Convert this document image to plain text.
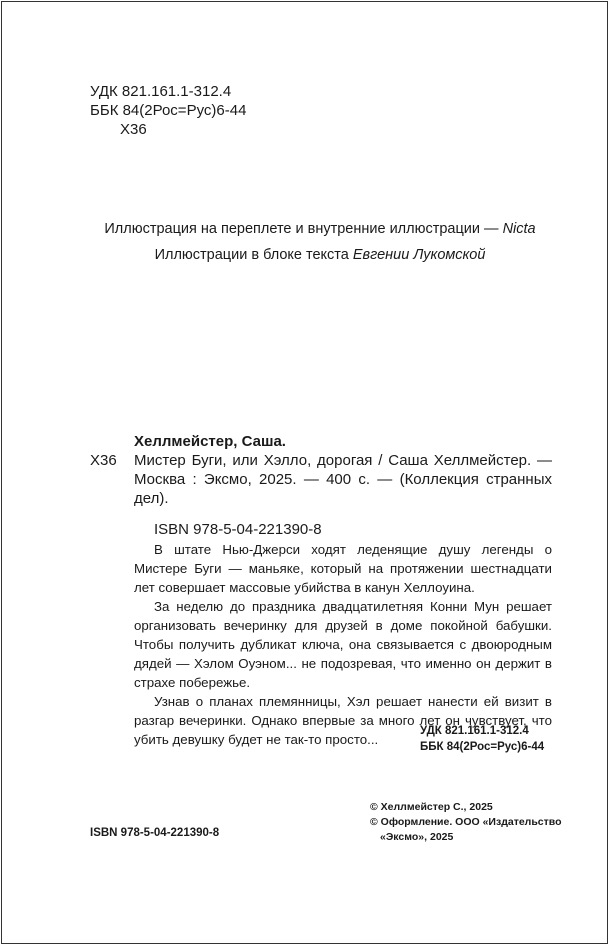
УДК 821.161.1-312.4
ББК 84(2Рос=Рус)6-44
Х36
Иллюстрация на переплете и внутренние иллюстрации — Nicta
Иллюстрации в блоке текста Евгении Лукомской
Хеллмейстер, Саша.
Х36	Мистер Буги, или Хэлло, дорогая / Саша Хеллмейстер. — Москва : Эксмо, 2025. — 400 с. — (Коллекция странных дел).
ISBN 978-5-04-221390-8

В штате Нью-Джерси ходят леденящие душу легенды о Мистере Буги — маньяке, который на протяжении шестнадцати лет совершает массовые убийства в канун Хеллоуина.

За неделю до праздника двадцатилетняя Конни Мун решает организовать вечеринку для друзей в доме покойной бабушки. Чтобы получить дубликат ключа, она связывается с двоюродным дядей — Хэлом Оуэном... не подозревая, что именно он держит в страхе побережье.

Узнав о планах племянницы, Хэл решает нанести ей визит в разгар вечеринки. Однако впервые за много лет он чувствует, что убить девушку будет не так-то просто...

УДК 821.161.1-312.4
ББК 84(2Рос=Рус)6-44
© Хеллмейстер С., 2025
© Оформление. ООО «Издательство
«Эксмо», 2025
ISBN 978-5-04-221390-8
